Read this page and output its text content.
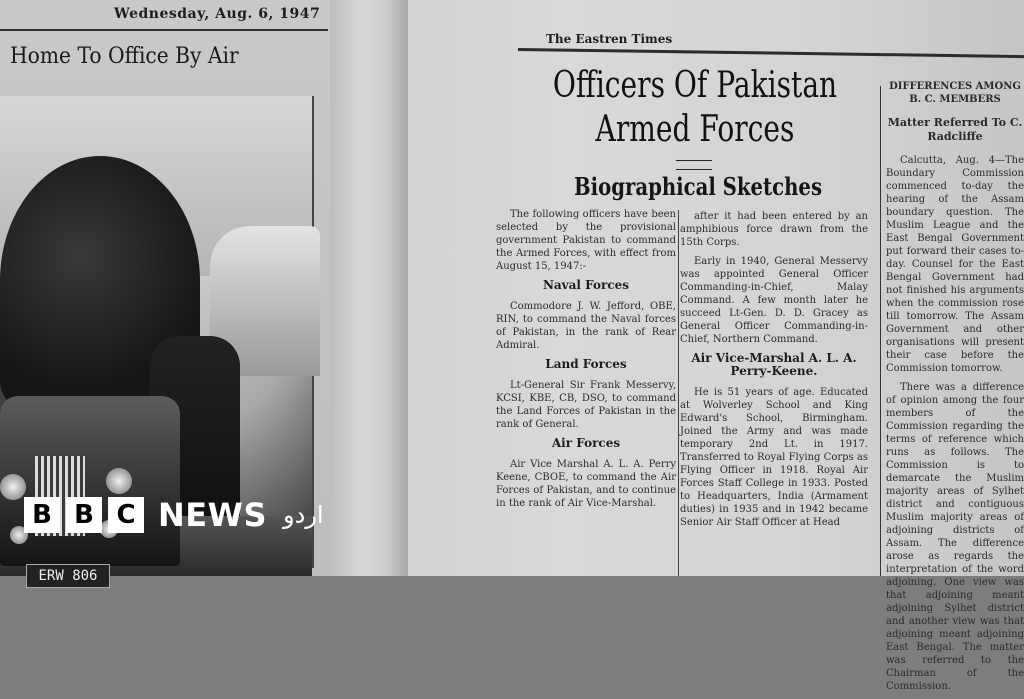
Wednesday, Aug. 6, 1947
Home To Office By Air
ERW 806
The Eastren Times
Officers Of Pakistan Armed Forces
Biographical Sketches

The following officers have been selected by the provisional government Pakistan to command the Armed Forces, with effect from August 15, 1947:-

Naval Forces

Commodore J. W. Jefford, OBE, RIN, to command the Naval forces of Pakistan, in the rank of Rear Admiral.

Land Forces

Lt-General Sir Frank Messervy, KCSI, KBE, CB, DSO, to command the Land Forces of Pakistan in the rank of General.

Air Forces

Air Vice Marshal A. L. A. Perry Keene, CBOE, to command the Air Forces of Pakistan, and to continue in the rank of Air Vice-Marshal.

after it had been entered by an amphibious force drawn from the 15th Corps.

Early in 1940, General Messervy was appointed General Officer Commanding-in-Chief, Malay Command. A few month later he succeed Lt-Gen. D. D. Gracey as General Officer Commanding-in-Chief, Northern Command.

Air Vice-Marshal A. L. A. Perry-Keene.

He is 51 years of age. Educated at Wolverley School and King Edward's School, Birmingham. Joined the Army and was made temporary 2nd Lt. in 1917. Transferred to Royal Flying Corps as Flying Officer in 1918. Royal Air Forces Staff College in 1933. Posted to Headquarters, India (Armament duties) in 1935 and in 1942 became Senior Air Staff Officer at Head

DIFFERENCES AMONG B. C. MEMBERS
Matter Referred To C. Radcliffe

Calcutta, Aug. 4—The Boundary Commission commenced to-day the hearing of the Assam boundary question. The Muslim League and the East Bengal Government put forward their cases to-day. Counsel for the East Bengal Government had not finished his arguments when the commission rose till tomorrow. The Assam Government and other organisations will present their case before the Commission tomorrow.

There was a difference of opinion among the four members of the Commission regarding the terms of reference which runs as follows. The Commission is to demarcate the Muslim majority areas of Sylhet district and contiguous Muslim majority areas of adjoining districts of Assam. The difference arose as regards the interpretation of the word adjoining. One view was that adjoining meant adjoining Sylhet district and another view was that adjoining meant adjoining East Bengal. The matter was referred to the Chairman of the Commission.

B B C NEWS اردو
